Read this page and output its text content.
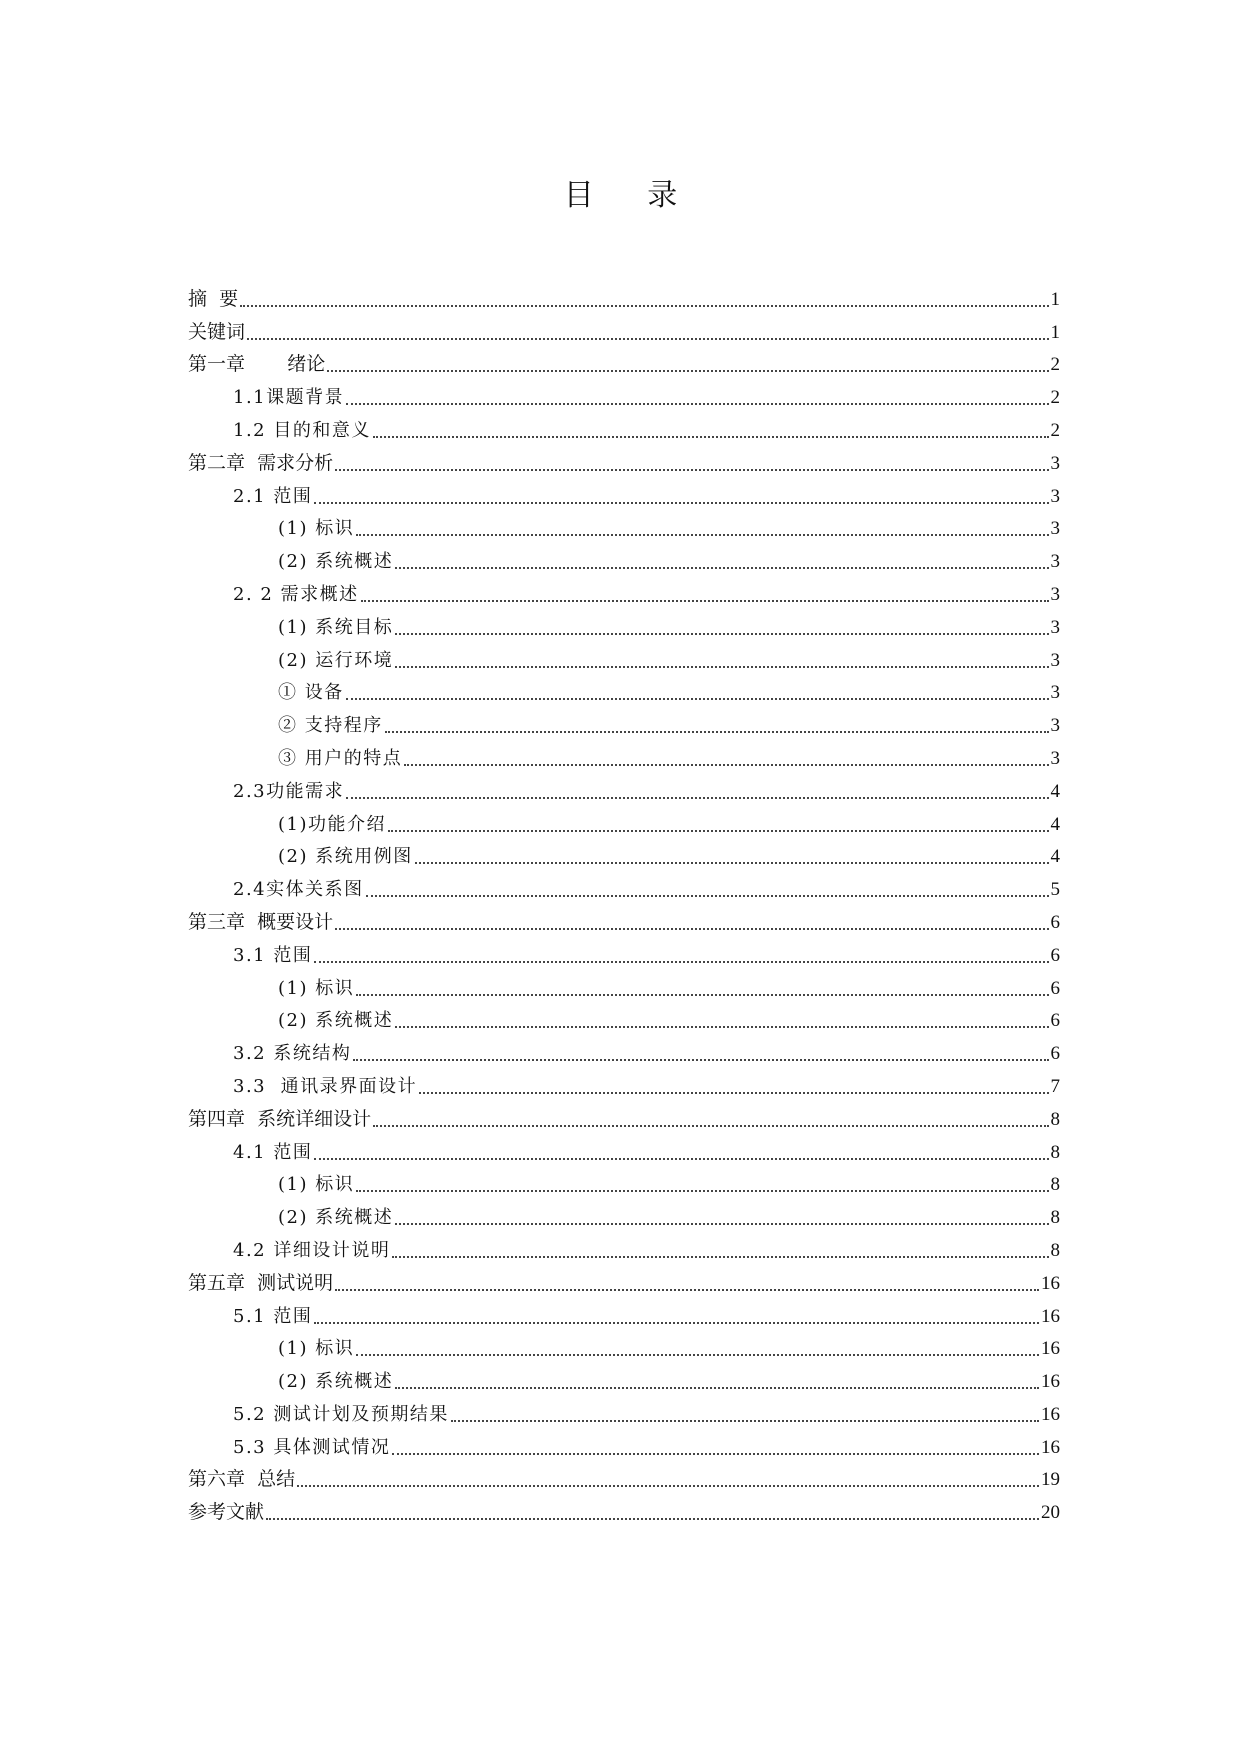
目 录
摘  要	1
关键词	1
第一章       绪论	2
1.1课题背景	2
1.2 目的和意义	2
第二章  需求分析	3
2.1 范围	3
(1) 标识	3
(2) 系统概述	3
2. 2 需求概述	3
(1) 系统目标	3
(2) 运行环境	3
① 设备	3
② 支持程序	3
③ 用户的特点	3
2.3功能需求	4
(1)功能介绍	4
(2) 系统用例图	4
2.4实体关系图	5
第三章  概要设计	6
3.1 范围	6
(1) 标识	6
(2) 系统概述	6
3.2 系统结构	6
3.3  通讯录界面设计	7
第四章  系统详细设计	8
4.1 范围	8
(1) 标识	8
(2) 系统概述	8
4.2 详细设计说明	8
第五章  测试说明	16
5.1 范围	16
(1) 标识	16
(2) 系统概述	16
5.2 测试计划及预期结果	16
5.3 具体测试情况	16
第六章  总结	19
参考文献	20
